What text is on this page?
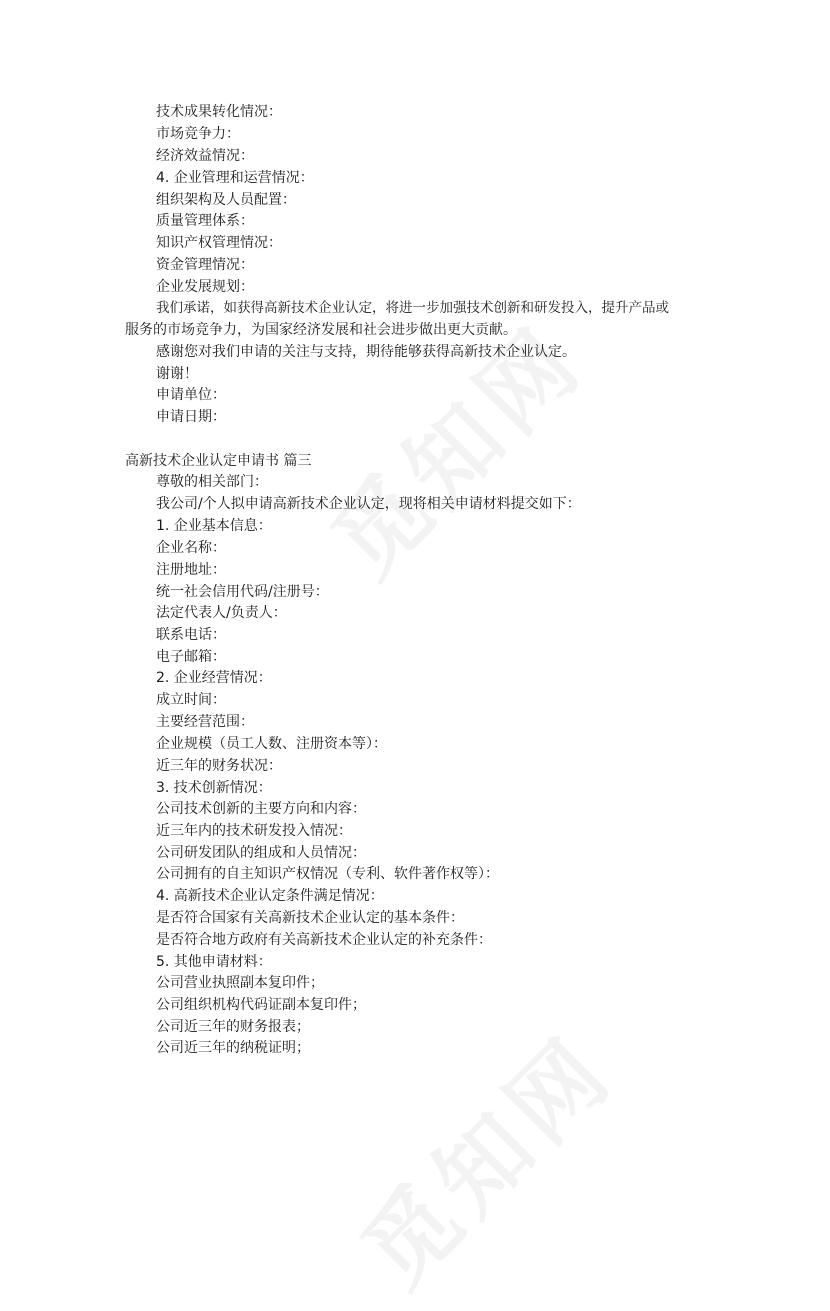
技术成果转化情况：
市场竞争力：
经济效益情况：
4. 企业管理和运营情况：
组织架构及人员配置：
质量管理体系：
知识产权管理情况：
资金管理情况：
企业发展规划：
我们承诺，如获得高新技术企业认定，将进一步加强技术创新和研发投入，提升产品或
服务的市场竞争力，为国家经济发展和社会进步做出更大贡献。
感谢您对我们申请的关注与支持，期待能够获得高新技术企业认定。
谢谢！
申请单位：
申请日期：
高新技术企业认定申请书 篇三
尊敬的相关部门：
我公司/个人拟申请高新技术企业认定，现将相关申请材料提交如下：
1. 企业基本信息：
企业名称：
注册地址：
统一社会信用代码/注册号：
法定代表人/负责人：
联系电话：
电子邮箱：
2. 企业经营情况：
成立时间：
主要经营范围：
企业规模（员工人数、注册资本等）：
近三年的财务状况：
3. 技术创新情况：
公司技术创新的主要方向和内容：
近三年内的技术研发投入情况：
公司研发团队的组成和人员情况：
公司拥有的自主知识产权情况（专利、软件著作权等）：
4. 高新技术企业认定条件满足情况：
是否符合国家有关高新技术企业认定的基本条件：
是否符合地方政府有关高新技术企业认定的补充条件：
5. 其他申请材料：
公司营业执照副本复印件；
公司组织机构代码证副本复印件；
公司近三年的财务报表；
公司近三年的纳税证明；
